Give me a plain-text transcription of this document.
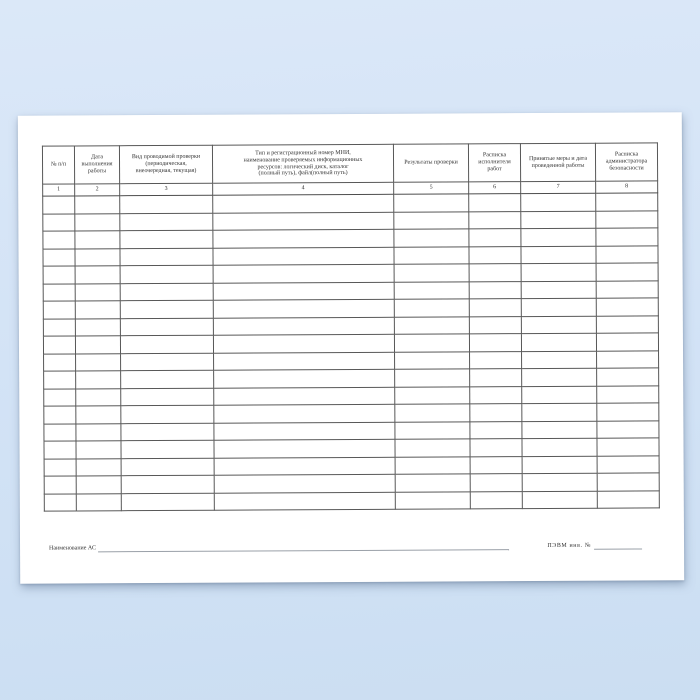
№ п/п	Дата
выполнения
работы	Вид проводимой проверки
(периодическая,
внеочередная, текущая)	Тип и регистрационный номер МНИ,
наименование проверяемых информационных
ресурсов: логический диск, каталог
(полный путь), файл(полный путь)	Результаты проверки	Расписка
исполнителя
работ	Принятые меры и дата
проведенной работы	Расписка
администратора
безопасности
1	2	3	4	5	6	7	8

Наименование АС	ПЭВМ инв. №
